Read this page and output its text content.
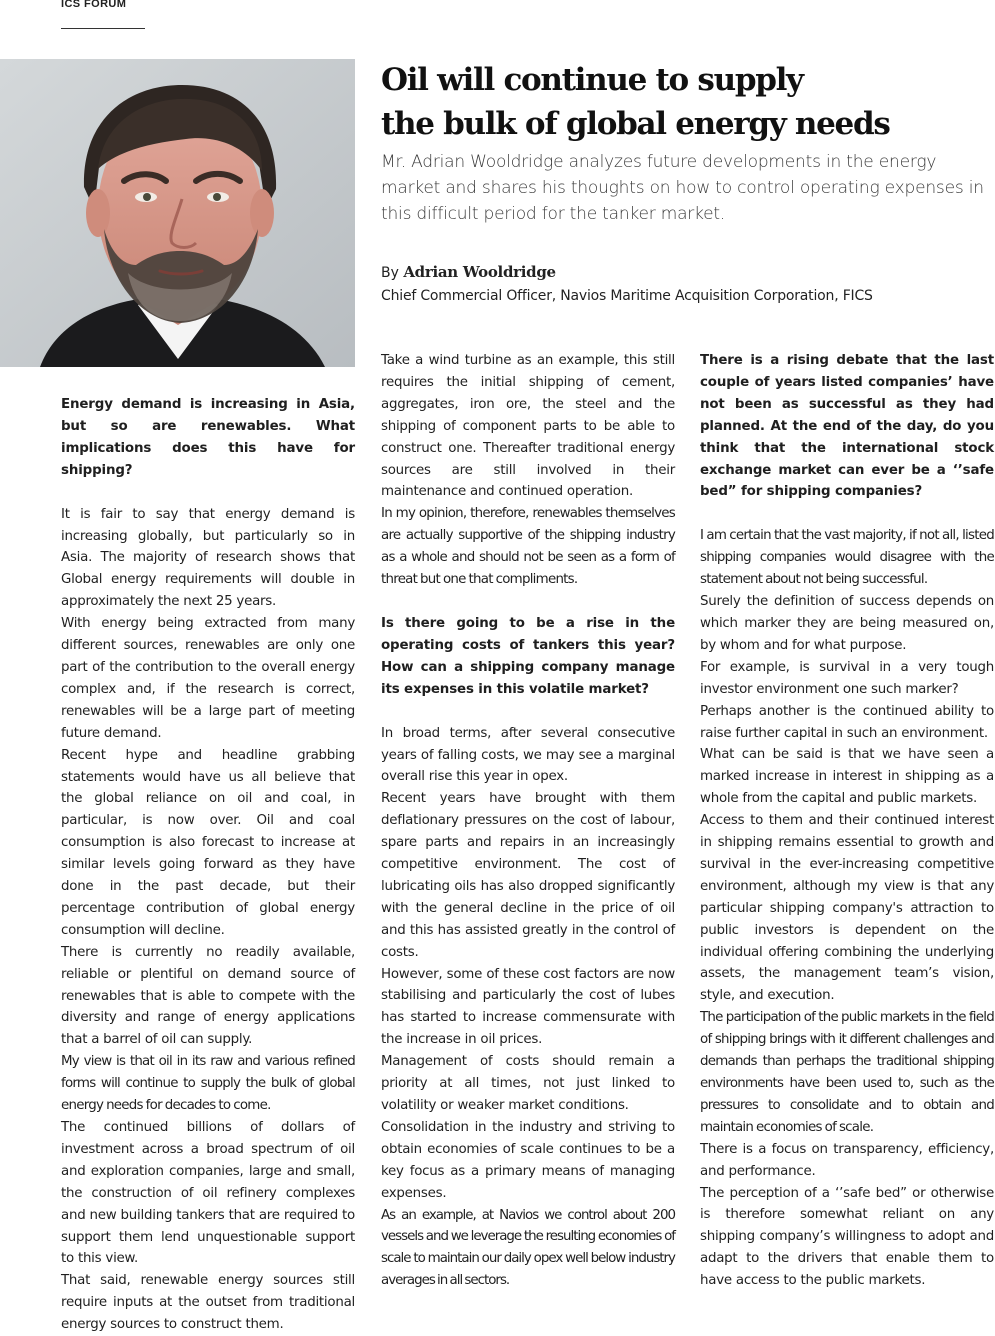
ICS FORUM
Oil will continue to supply
the bulk of global energy needs

Mr. Adrian Wooldridge analyzes future developments in the energy market and shares his thoughts on how to control operating expenses in this difficult period for the tanker market.

By Adrian Wooldridge

Chief Commercial Officer, Navios Maritime Acquisition Corporation, FICS

Energy demand is increasing in Asia, but so are renewables. What implications does this have for shipping?

It is fair to say that energy demand is increasing globally, but particularly so in Asia. The majority of research shows that Global energy requirements will double in approximately the next 25 years.

With energy being extracted from many different sources, renewables are only one part of the contribution to the overall energy complex and, if the research is correct, renewables will be a large part of meeting future demand.

Recent hype and headline grabbing statements would have us all believe that the global reliance on oil and coal, in particular, is now over. Oil and coal consumption is also forecast to increase at similar levels going forward as they have done in the past decade, but their percentage contribution of global energy consumption will decline.

There is currently no readily available, reliable or plentiful on demand source of renewables that is able to compete with the diversity and range of energy applications that a barrel of oil can supply.

My view is that oil in its raw and various refined forms will continue to supply the bulk of global energy needs for decades to come.

The continued billions of dollars of investment across a broad spectrum of oil and exploration companies, large and small, the construction of oil refinery complexes and new building tankers that are required to support them lend unquestionable support to this view.

That said, renewable energy sources still require inputs at the outset from traditional energy sources to construct them.

Take a wind turbine as an example, this still requires the initial shipping of cement, aggregates, iron ore, the steel and the shipping of component parts to be able to construct one. Thereafter traditional energy sources are still involved in their maintenance and continued operation.

In my opinion, therefore, renewables themselves are actually supportive of the shipping industry as a whole and should not be seen as a form of threat but one that compliments.

Is there going to be a rise in the operating costs of tankers this year? How can a shipping company manage its expenses in this volatile market?

In broad terms, after several consecutive years of falling costs, we may see a marginal overall rise this year in opex.

Recent years have brought with them deflationary pressures on the cost of labour, spare parts and repairs in an increasingly competitive environment. The cost of lubricating oils has also dropped significantly with the general decline in the price of oil and this has assisted greatly in the control of costs.

However, some of these cost factors are now stabilising and particularly the cost of lubes has started to increase commensurate with the increase in oil prices.

Management of costs should remain a priority at all times, not just linked to volatility or weaker market conditions.

Consolidation in the industry and striving to obtain economies of scale continues to be a key focus as a primary means of managing expenses.

As an example, at Navios we control about 200 vessels and we leverage the resulting economies of scale to maintain our daily opex well below industry averages in all sectors.

There is a rising debate that the last couple of years listed companies’ have not been as successful as they had planned. At the end of the day, do you think that the international stock exchange market can ever be a ‘’safe bed” for shipping companies?

I am certain that the vast majority, if not all, listed shipping companies would disagree with the statement about not being successful.

Surely the definition of success depends on which marker they are being measured on, by whom and for what purpose.

For example, is survival in a very tough investor environment one such marker?

Perhaps another is the continued ability to raise further capital in such an environment.

What can be said is that we have seen a marked increase in interest in shipping as a whole from the capital and public markets.

Access to them and their continued interest in shipping remains essential to growth and survival in the ever-increasing competitive environment, although my view is that any particular shipping company's attraction to public investors is dependent on the individual offering combining the underlying assets, the management team’s vision, style, and execution.

The participation of the public markets in the field of shipping brings with it different challenges and demands than perhaps the traditional shipping environments have been used to, such as the pressures to consolidate and to obtain and maintain economies of scale.

There is a focus on transparency, efficiency, and performance.

The perception of a ‘’safe bed” or otherwise is therefore somewhat reliant on any shipping company’s willingness to adopt and adapt to the drivers that enable them to have access to the public markets.
